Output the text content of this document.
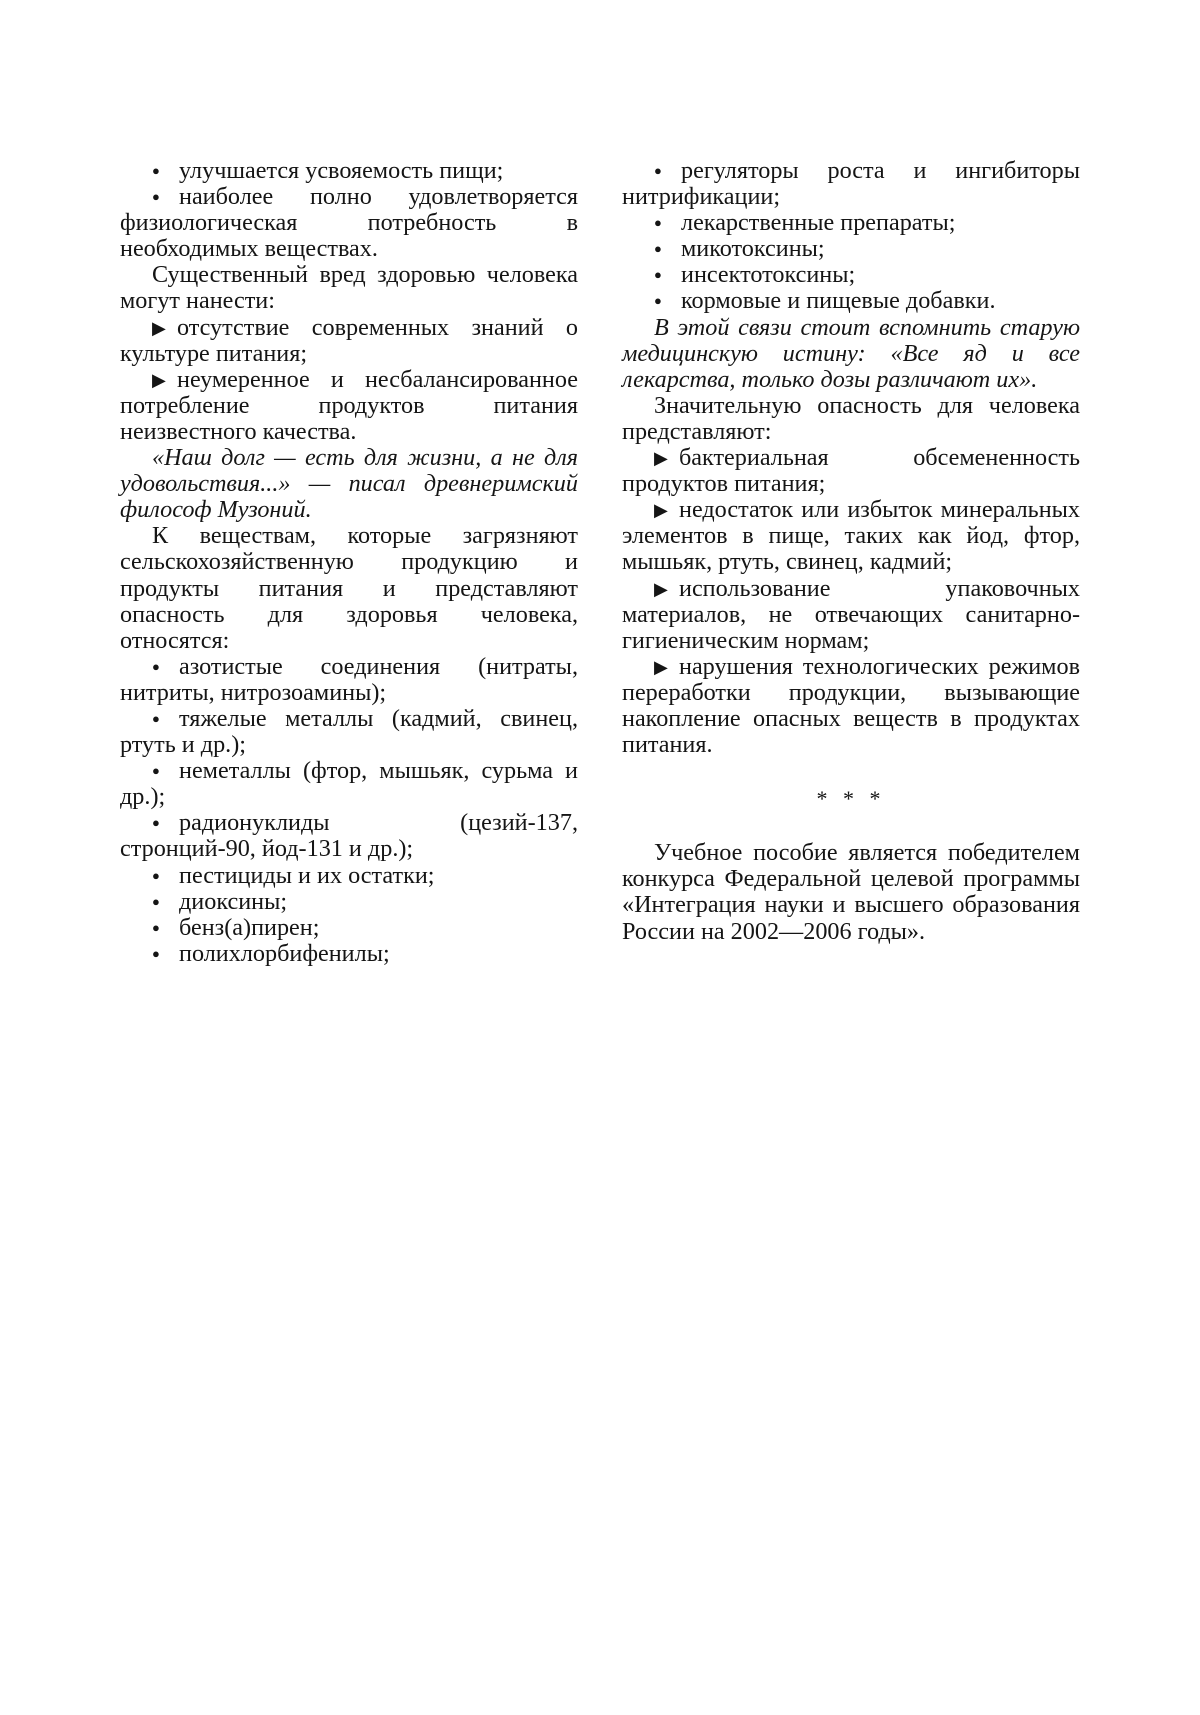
● улучшается усвояемость пищи;

● наиболее полно удовлетворяется физиологическая потребность в необходимых веществах.

Существенный вред здоровью человека могут нанести:

▶ отсутствие современных знаний о культуре питания;

▶ неумеренное и несбалансированное потребление продуктов питания неизвестного качества.

«Наш долг — есть для жизни, а не для удовольствия...» — писал древнеримский философ Музоний.

К веществам, которые загрязняют сельскохозяйственную продукцию и продукты питания и представляют опасность для здоровья человека, относятся:

● азотистые соединения (нитраты, нитриты, нитрозоамины);

● тяжелые металлы (кадмий, свинец, ртуть и др.);

● неметаллы (фтор, мышьяк, сурьма и др.);

● радионуклиды (цезий-137, стронций-90, йод-131 и др.);

● пестициды и их остатки;

● диоксины;

● бенз(а)пирен;

● полихлорбифенилы;

● регуляторы роста и ингибиторы нитрификации;

● лекарственные препараты;

● микотоксины;

● инсектотоксины;

● кормовые и пищевые добавки.

В этой связи стоит вспомнить старую медицинскую истину: «Все яд и все лекарства, только дозы различают их».

Значительную опасность для человека представляют:

▶ бактериальная обсемененность продуктов питания;

▶ недостаток или избыток минеральных элементов в пище, таких как йод, фтор, мышьяк, ртуть, свинец, кадмий;

▶ использование упаковочных материалов, не отвечающих санитарно-гигиеническим нормам;

▶ нарушения технологических режимов переработки продукции, вызывающие накопление опасных веществ в продуктах питания.

* * *

Учебное пособие является победителем конкурса Федеральной целевой программы «Интеграция науки и высшего образования России на 2002—2006 годы».
